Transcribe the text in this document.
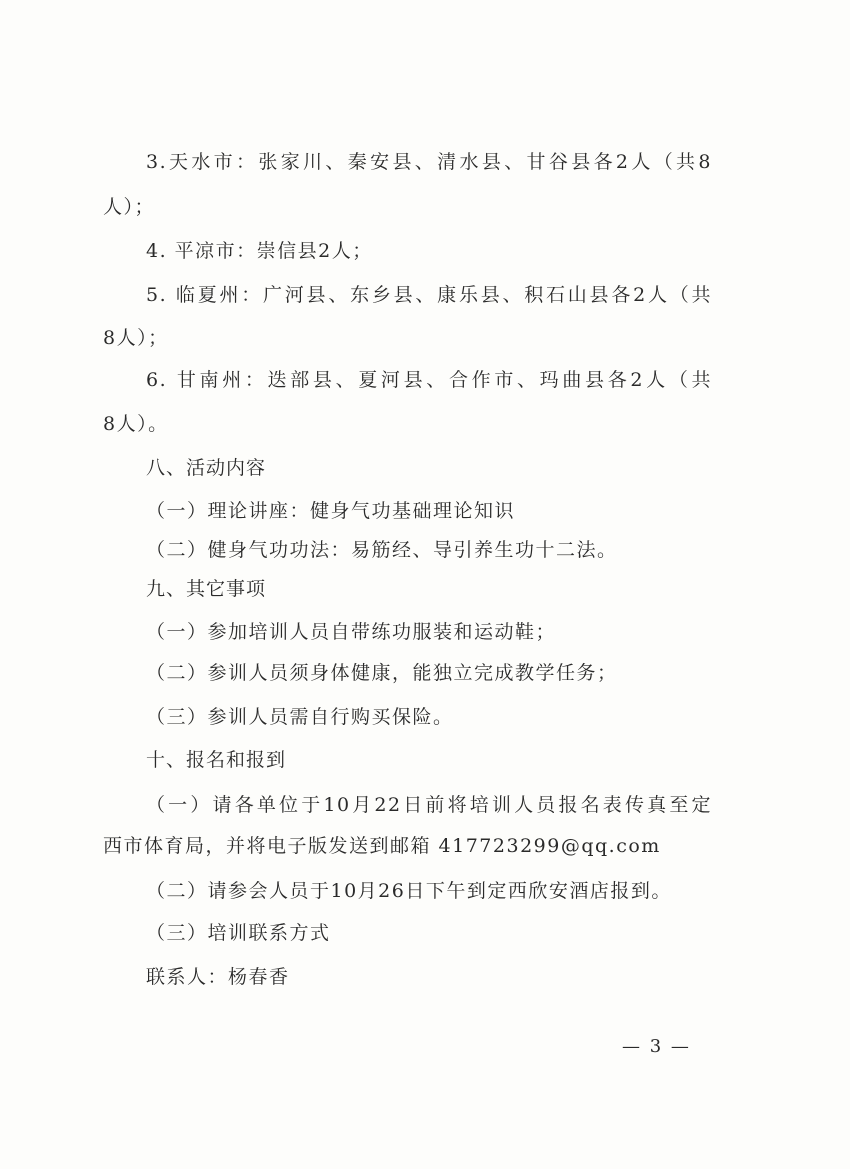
3.天水市：张家川、秦安县、清水县、甘谷县各2人（共8
人）；
4. 平凉市：崇信县2人；
5. 临夏州：广河县、东乡县、康乐县、积石山县各2人（共
8人）；
6. 甘南州：迭部县、夏河县、合作市、玛曲县各2人（共
8人）。
八、活动内容
（一）理论讲座：健身气功基础理论知识
（二）健身气功功法：易筋经、导引养生功十二法。
九、其它事项
（一）参加培训人员自带练功服装和运动鞋；
（二）参训人员须身体健康，能独立完成教学任务；
（三）参训人员需自行购买保险。
十、报名和报到
（一）请各单位于10月22日前将培训人员报名表传真至定
西市体育局，并将电子版发送到邮箱 417723299@qq.com
（二）请参会人员于10月26日下午到定西欣安酒店报到。
（三）培训联系方式
联系人：杨春香
— 3 —
